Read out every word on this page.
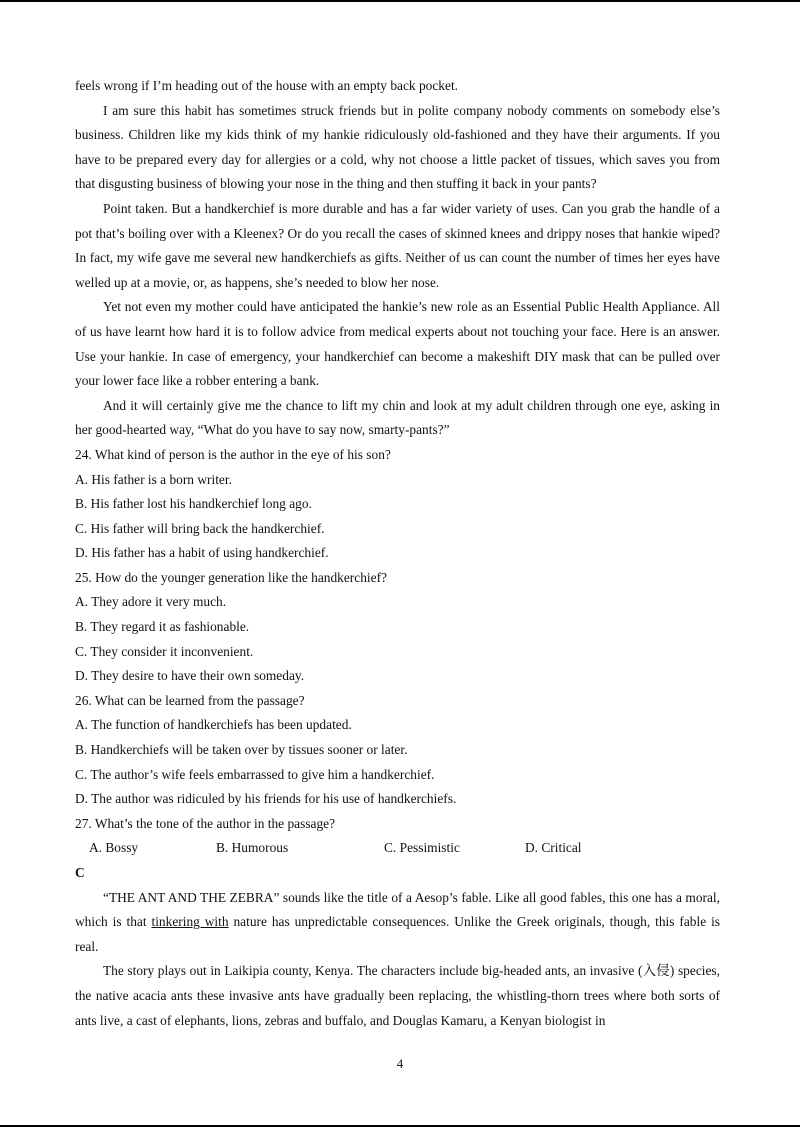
feels wrong if I’m heading out of the house with an empty back pocket.

I am sure this habit has sometimes struck friends but in polite company nobody comments on somebody else’s business. Children like my kids think of my hankie ridiculously old-fashioned and they have their arguments. If you have to be prepared every day for allergies or a cold, why not choose a little packet of tissues, which saves you from that disgusting business of blowing your nose in the thing and then stuffing it back in your pants?

Point taken. But a handkerchief is more durable and has a far wider variety of uses. Can you grab the handle of a pot that’s boiling over with a Kleenex? Or do you recall the cases of skinned knees and drippy noses that hankie wiped? In fact, my wife gave me several new handkerchiefs as gifts. Neither of us can count the number of times her eyes have welled up at a movie, or, as happens, she’s needed to blow her nose.

Yet not even my mother could have anticipated the hankie’s new role as an Essential Public Health Appliance. All of us have learnt how hard it is to follow advice from medical experts about not touching your face. Here is an answer. Use your hankie. In case of emergency, your handkerchief can become a makeshift DIY mask that can be pulled over your lower face like a robber entering a bank.

And it will certainly give me the chance to lift my chin and look at my adult children through one eye, asking in her good-hearted way, “What do you have to say now, smarty-pants?”

24. What kind of person is the author in the eye of his son?

A. His father is a born writer.

B. His father lost his handkerchief long ago.

C. His father will bring back the handkerchief.

D. His father has a habit of using handkerchief.

25. How do the younger generation like the handkerchief?

A. They adore it very much.

B. They regard it as fashionable.

C. They consider it inconvenient.

D. They desire to have their own someday.

26. What can be learned from the passage?

A. The function of handkerchiefs has been updated.

B. Handkerchiefs will be taken over by tissues sooner or later.

C. The author’s wife feels embarrassed to give him a handkerchief.

D. The author was ridiculed by his friends for his use of handkerchiefs.

27. What’s the tone of the author in the passage?

A. Bossy	B. Humorous	C. Pessimistic	D. Critical

C

“THE ANT AND THE ZEBRA” sounds like the title of a Aesop’s fable. Like all good fables, this one has a moral, which is that tinkering with nature has unpredictable consequences. Unlike the Greek originals, though, this fable is real.

The story plays out in Laikipia county, Kenya. The characters include big-headed ants, an invasive (入侵) species, the native acacia ants these invasive ants have gradually been replacing, the whistling-thorn trees where both sorts of ants live, a cast of elephants, lions, zebras and buffalo, and Douglas Kamaru, a Kenyan biologist in

4
